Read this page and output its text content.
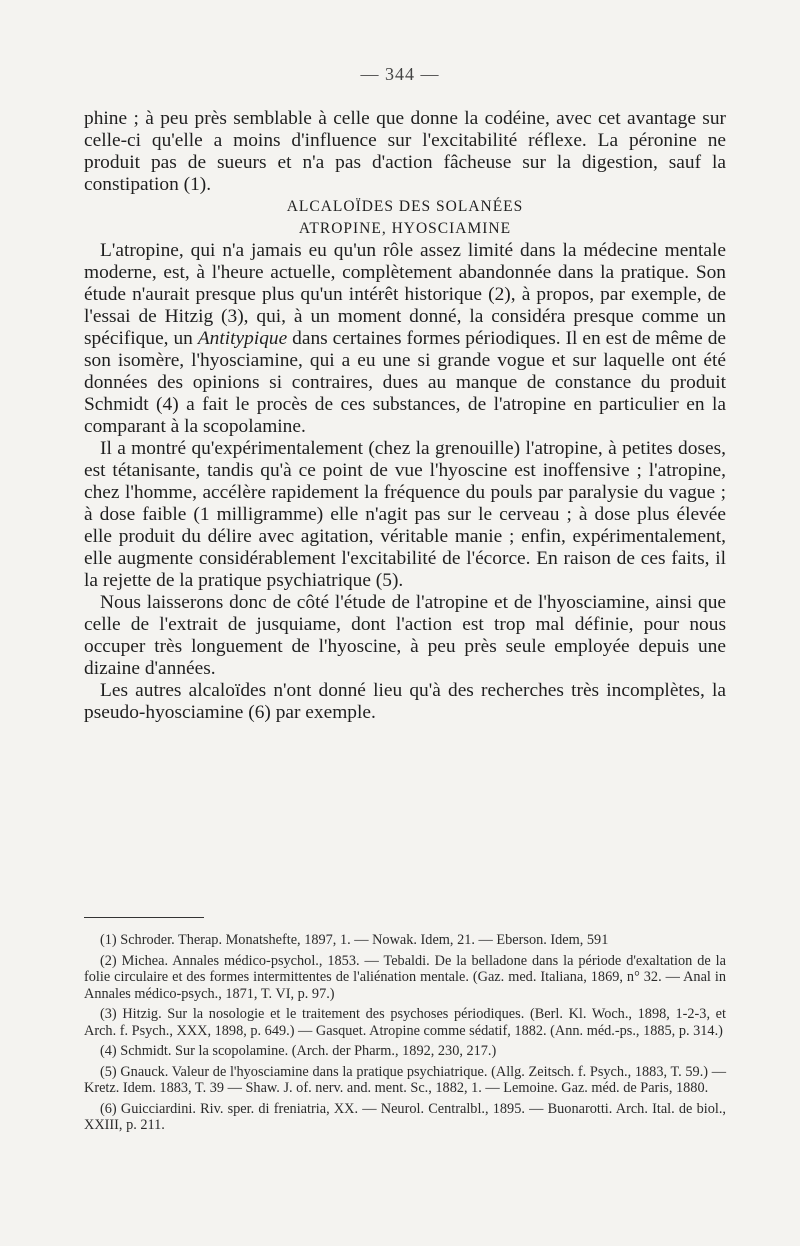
— 344 —

phine ; à peu près semblable à celle que donne la codéine, avec cet avantage sur celle-ci qu'elle a moins d'influence sur l'excitabilité réflexe. La péronine ne produit pas de sueurs et n'a pas d'action fâcheuse sur la digestion, sauf la constipation (1).

ALCALOÏDES DES SOLANÉES

ATROPINE, HYOSCIAMINE

L'atropine, qui n'a jamais eu qu'un rôle assez limité dans la médecine mentale moderne, est, à l'heure actuelle, complètement abandonnée dans la pratique. Son étude n'aurait presque plus qu'un intérêt historique (2), à propos, par exemple, de l'essai de Hitzig (3), qui, à un moment donné, la considéra presque comme un spécifique, un Antitypique dans certaines formes périodiques. Il en est de même de son isomère, l'hyosciamine, qui a eu une si grande vogue et sur laquelle ont été données des opinions si contraires, dues au manque de constance du produit Schmidt (4) a fait le procès de ces substances, de l'atropine en particulier en la comparant à la scopolamine.

Il a montré qu'expérimentalement (chez la grenouille) l'atropine, à petites doses, est tétanisante, tandis qu'à ce point de vue l'hyoscine est inoffensive ; l'atropine, chez l'homme, accélère rapidement la fréquence du pouls par paralysie du vague ; à dose faible (1 milligramme) elle n'agit pas sur le cerveau ; à dose plus élevée elle produit du délire avec agitation, véritable manie ; enfin, expérimentalement, elle augmente considérablement l'excitabilité de l'écorce. En raison de ces faits, il la rejette de la pratique psychiatrique (5).

Nous laisserons donc de côté l'étude de l'atropine et de l'hyosciamine, ainsi que celle de l'extrait de jusquiame, dont l'action est trop mal définie, pour nous occuper très longuement de l'hyoscine, à peu près seule employée depuis une dizaine d'années.

Les autres alcaloïdes n'ont donné lieu qu'à des recherches très incomplètes, la pseudo-hyosciamine (6) par exemple.

(1) Schroder. Therap. Monatshefte, 1897, 1. — Nowak. Idem, 21. — Eberson. Idem, 591

(2) Michea. Annales médico-psychol., 1853. — Tebaldi. De la belladone dans la période d'exaltation de la folie circulaire et des formes intermittentes de l'aliénation mentale. (Gaz. med. Italiana, 1869, n° 32. — Anal in Annales médico-psych., 1871, T. VI, p. 97.)

(3) Hitzig. Sur la nosologie et le traitement des psychoses périodiques. (Berl. Kl. Woch., 1898, 1-2-3, et Arch. f. Psych., XXX, 1898, p. 649.) — Gasquet. Atropine comme sédatif, 1882. (Ann. méd.-ps., 1885, p. 314.)

(4) Schmidt. Sur la scopolamine. (Arch. der Pharm., 1892, 230, 217.)

(5) Gnauck. Valeur de l'hyosciamine dans la pratique psychiatrique. (Allg. Zeitsch. f. Psych., 1883, T. 59.) — Kretz. Idem. 1883, T. 39 — Shaw. J. of. nerv. and. ment. Sc., 1882, 1. — Lemoine. Gaz. méd. de Paris, 1880.

(6) Guicciardini. Riv. sper. di freniatria, XX. — Neurol. Centralbl., 1895. — Buonarotti. Arch. Ital. de biol., XXIII, p. 211.
